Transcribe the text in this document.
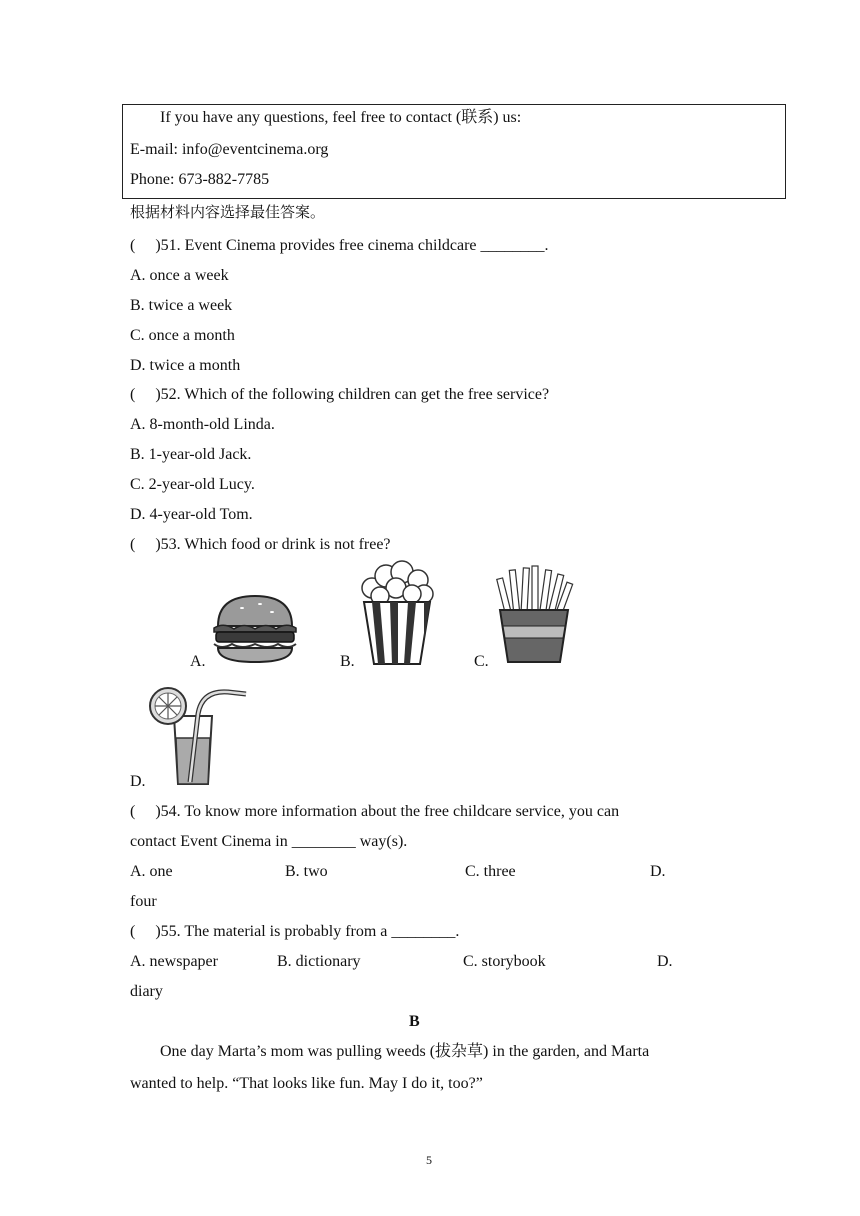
If you have any questions, feel free to contact (联系) us:
E-mail: info@eventcinema.org
Phone: 673-882-7785
根据材料内容选择最佳答案。
(     )51. Event Cinema provides free cinema childcare ________.
A. once a week
B. twice a week
C. once a month
D. twice a month
(     )52. Which of the following children can get the free service?
A. 8-month-old Linda.
B. 1-year-old Jack.
C. 2-year-old Lucy.
D. 4-year-old Tom.
(     )53. Which food or drink is not free?
A.	B.	C.
D.
(     )54. To know more information about the free childcare service, you can
contact Event Cinema in ________ way(s).
A. one	B. two	C. three	D.
four
(     )55. The material is probably from a ________.
A. newspaper	B. dictionary	C. storybook	D.
diary
B
One day Marta’s mom was pulling weeds (拔杂草) in the garden, and Marta
wanted to help. “That looks like fun. May I do it, too?”
5
